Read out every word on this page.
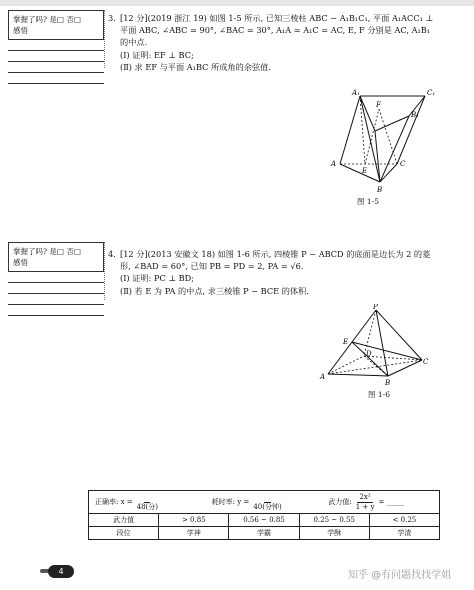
掌握了吗? 是□ 否□
感悟

3. [12 分](2019 浙江 19) 如图 1-5 所示, 已知三棱柱 ABC − A₁B₁C₁, 平面 A₁ACC₁ ⊥

平面 ABC, ∠ABC = 90°, ∠BAC = 30°, A₁A = A₁C = AC, E, F 分别是 AC, A₁B₁

的中点.

(Ⅰ) 证明: EF ⊥ BC;

(Ⅱ) 求 EF 与平面 A₁BC 所成角的余弦值.

A₁	C₁
F
B₁
A
E
C
B
图 1-5
掌握了吗? 是□ 否□
感悟

4. [12 分](2013 安徽文 18) 如图 1-6 所示, 四棱锥 P − ABCD 的底面是边长为 2 的菱

形, ∠BAD = 60°, 已知 PB = PD = 2, PA = √6.

(Ⅰ) 证明: PC ⊥ BD;

(Ⅱ) 若 E 为 PA 的中点, 求三棱锥 P − BCE 的体积.

P
E
D
A
B
C
图 1-6
正确率: x =

48(分)
耗时率: y =

40(分钟)
武力值: $\frac{\text{2x²}}{1 + y}$ = _____
武力值	> 0.85	0.56 ~ 0.85	0.25 ~ 0.55	< 0.25
段位	学神	学霸	学酥	学渣
4	知乎 @有问题找找学姐
